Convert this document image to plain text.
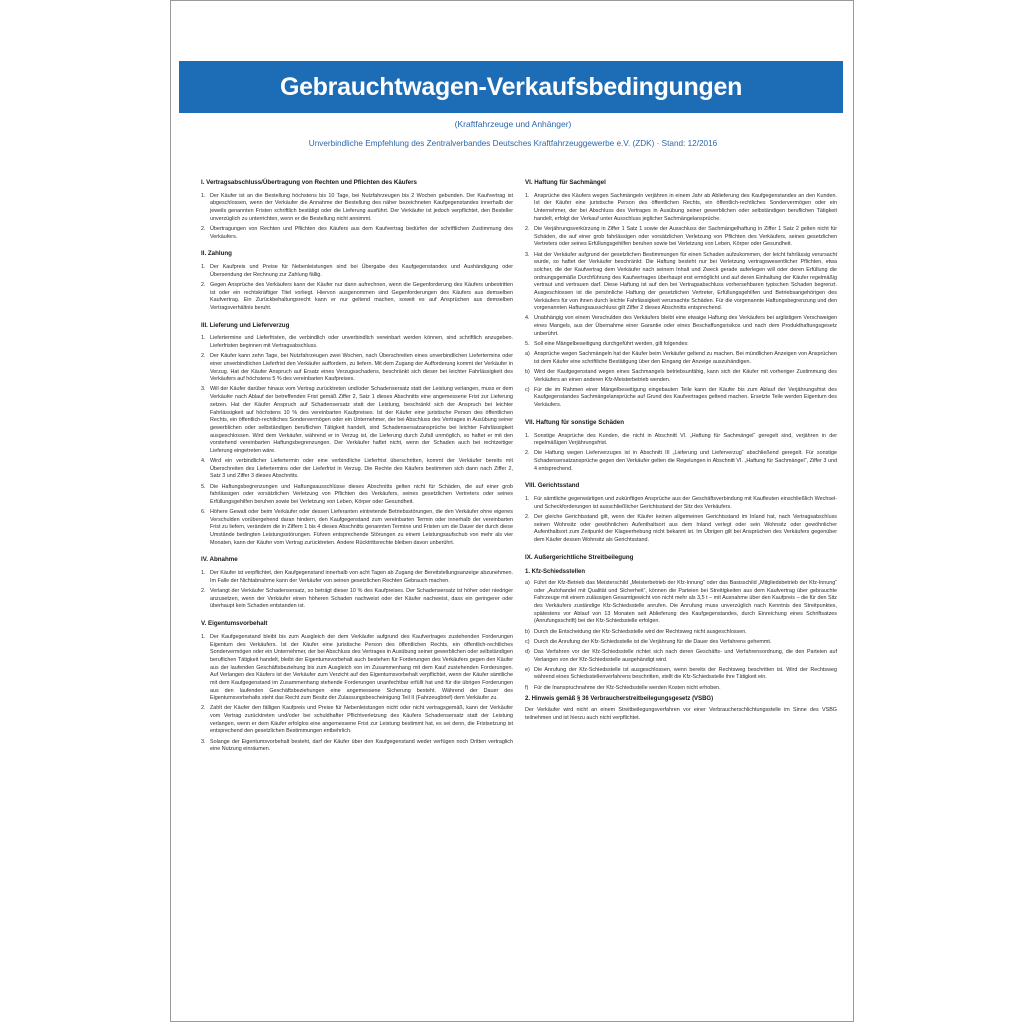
Gebrauchtwagen-Verkaufsbedingungen
(Kraftfahrzeuge und Anhänger)
Unverbindliche Empfehlung des Zentralverbandes Deutsches Kraftfahrzeuggewerbe e.V. (ZDK) · Stand: 12/2016
I. Vertragsabschluss/Übertragung von Rechten und Pflichten des Käufers
1. Der Käufer ist an die Bestellung höchstens bis 10 Tage, bei Nutzfahrzeugen bis 2 Wochen gebunden. Der Kaufvertrag ist abgeschlossen, wenn der Verkäufer die Annahme der Bestellung des näher bezeichneten Kaufgegenstandes innerhalb der jeweils genannten Fristen schriftlich bestätigt oder die Lieferung ausführt. Der Verkäufer ist jedoch verpflichtet, den Besteller unverzüglich zu unterrichten, wenn er die Bestellung nicht annimmt.
2. Übertragungen von Rechten und Pflichten des Käufers aus dem Kaufvertrag bedürfen der schriftlichen Zustimmung des Verkäufers.
II. Zahlung
1. Der Kaufpreis und Preise für Nebenleistungen sind bei Übergabe des Kaufgegenstandes und Aushändigung oder Übersendung der Rechnung zur Zahlung fällig.
2. Gegen Ansprüche des Verkäufers kann der Käufer nur dann aufrechnen, wenn die Gegenforderung des Käufers unbestritten ist oder ein rechtskräftiger Titel vorliegt. Hiervon ausgenommen sind Gegenforderungen des Käufers aus demselben Kaufvertrag. Ein Zurückbehaltungsrecht kann er nur geltend machen, soweit es auf Ansprüchen aus demselben Vertragsverhältnis beruht.
III. Lieferung und Lieferverzug
1. Liefertermine und Lieferfristen, die verbindlich oder unverbindlich vereinbart werden können, sind schriftlich anzugeben. Lieferfristen beginnen mit Vertragsabschluss.
2. Der Käufer kann zehn Tage, bei Nutzfahrzeugen zwei Wochen, nach Überschreiten eines unverbindlichen Liefertermins oder einer unverbindlichen Lieferfrist den Verkäufer auffordern, zu liefern. Mit dem Zugang der Aufforderung kommt der Verkäufer in Verzug. Hat der Käufer Anspruch auf Ersatz eines Verzugsschadens, beschränkt sich dieser bei leichter Fahrlässigkeit des Verkäufers auf höchstens 5 % des vereinbarten Kaufpreises.
3. Will der Käufer darüber hinaus vom Vertrag zurücktreten und/oder Schadensersatz statt der Leistung verlangen, muss er dem Verkäufer nach Ablauf der betreffenden Frist gemäß Ziffer 2, Satz 1 dieses Abschnitts eine angemessene Frist zur Lieferung setzen. Hat der Käufer Anspruch auf Schadensersatz statt der Leistung, beschränkt sich der Anspruch bei leichter Fahrlässigkeit auf höchstens 10 % des vereinbarten Kaufpreises. Ist der Käufer eine juristische Person des öffentlichen Rechts, ein öffentlich-rechtliches Sondervermögen oder ein Unternehmer, der bei Abschluss des Vertrages in Ausübung seiner gewerblichen oder selbständigen beruflichen Tätigkeit handelt, sind Schadensersatzansprüche bei leichter Fahrlässigkeit ausgeschlossen. Wird dem Verkäufer, während er in Verzug ist, die Lieferung durch Zufall unmöglich, so haftet er mit den vorstehend vereinbarten Haftungsbegrenzungen. Der Verkäufer haftet nicht, wenn der Schaden auch bei rechtzeitiger Lieferung eingetreten wäre.
4. Wird ein verbindlicher Liefertermin oder eine verbindliche Lieferfrist überschritten, kommt der Verkäufer bereits mit Überschreiten des Liefertermins oder der Lieferfrist in Verzug. Die Rechte des Käufers bestimmen sich dann nach Ziffer 2, Satz 3 und Ziffer 3 dieses Abschnitts.
5. Die Haftungsbegrenzungen und Haftungsausschlüsse dieses Abschnitts gelten nicht für Schäden, die auf einer grob fahrlässigen oder vorsätzlichen Verletzung von Pflichten des Verkäufers, seines gesetzlichen Vertreters oder seines Erfüllungsgehilfen beruhen sowie bei Verletzung von Leben, Körper oder Gesundheit.
6. Höhere Gewalt oder beim Verkäufer oder dessen Lieferanten eintretende Betriebsstörungen, die den Verkäufer ohne eigenes Verschulden vorübergehend daran hindern, den Kaufgegenstand zum vereinbarten Termin oder innerhalb der vereinbarten Frist zu liefern, verändern die in Ziffern 1 bis 4 dieses Abschnitts genannten Termine und Fristen um die Dauer der durch diese Umstände bedingten Leistungsstörungen. Führen entsprechende Störungen zu einem Leistungsaufschub von mehr als vier Monaten, kann der Käufer vom Vertrag zurücktreten. Andere Rücktrittsrechte bleiben davon unberührt.
IV. Abnahme
1. Der Käufer ist verpflichtet, den Kaufgegenstand innerhalb von acht Tagen ab Zugang der Bereitstellungsanzeige abzunehmen. Im Falle der Nichtabnahme kann der Verkäufer von seinen gesetzlichen Rechten Gebrauch machen.
2. Verlangt der Verkäufer Schadensersatz, so beträgt dieser 10 % des Kaufpreises. Der Schadensersatz ist höher oder niedriger anzusetzen, wenn der Verkäufer einen höheren Schaden nachweist oder der Käufer nachweist, dass ein geringerer oder überhaupt kein Schaden entstanden ist.
V. Eigentumsvorbehalt
1. Der Kaufgegenstand bleibt bis zum Ausgleich der dem Verkäufer aufgrund des Kaufvertrages zustehenden Forderungen Eigentum des Verkäufers. Ist der Käufer eine juristische Person des öffentlichen Rechts, ein öffentlich-rechtliches Sondervermögen oder ein Unternehmer, der bei Abschluss des Vertrages in Ausübung seiner gewerblichen oder selbständigen beruflichen Tätigkeit handelt, bleibt der Eigentumsvorbehalt auch bestehen für Forderungen des Verkäufers gegen den Käufer aus der laufenden Geschäftsbeziehung bis zum Ausgleich von im Zusammenhang mit dem Kauf zustehenden Forderungen. Auf Verlangen des Käufers ist der Verkäufer zum Verzicht auf den Eigentumsvorbehalt verpflichtet, wenn der Käufer sämtliche mit dem Kaufgegenstand im Zusammenhang stehende Forderungen unanfechtbar erfüllt hat und für die übrigen Forderungen aus den laufenden Geschäftsbeziehungen eine angemessene Sicherung besteht. Während der Dauer des Eigentumsvorbehalts steht das Recht zum Besitz der Zulassungsbescheinigung Teil II (Fahrzeugbrief) dem Verkäufer zu.
2. Zahlt der Käufer den fälligen Kaufpreis und Preise für Nebenleistungen nicht oder nicht vertragsgemäß, kann der Verkäufer vom Vertrag zurücktreten und/oder bei schuldhafter Pflichtverletzung des Käufers Schadensersatz statt der Leistung verlangen, wenn er dem Käufer erfolglos eine angemessene Frist zur Leistung bestimmt hat, es sei denn, die Fristsetzung ist entsprechend den gesetzlichen Bestimmungen entbehrlich.
3. Solange der Eigentumsvorbehalt besteht, darf der Käufer über den Kaufgegenstand weder verfügen noch Dritten vertraglich eine Nutzung einräumen.
VI. Haftung für Sachmängel
1. Ansprüche des Käufers wegen Sachmängeln verjähren in einem Jahr ab Ablieferung des Kaufgegenstandes an den Kunden. Ist der Käufer eine juristische Person des öffentlichen Rechts, ein öffentlich-rechtliches Sondervermögen oder ein Unternehmer, der bei Abschluss des Vertrages in Ausübung seiner gewerblichen oder selbständigen beruflichen Tätigkeit handelt, erfolgt der Verkauf unter Ausschluss jeglicher Sachmängelansprüche.
2. Die Verjährungsverkürzung in Ziffer 1 Satz 1 sowie der Ausschluss der Sachmängelhaftung in Ziffer 1 Satz 2 gelten nicht für Schäden, die auf einer grob fahrlässigen oder vorsätzlichen Verletzung von Pflichten des Verkäufers, seines gesetzlichen Vertreters oder seines Erfüllungsgehilfen beruhen sowie bei Verletzung von Leben, Körper oder Gesundheit.
3. Hat der Verkäufer aufgrund der gesetzlichen Bestimmungen für einen Schaden aufzukommen, der leicht fahrlässig verursacht wurde, so haftet der Verkäufer beschränkt: Die Haftung besteht nur bei Verletzung vertragswesentlicher Pflichten, etwa solcher, die der Kaufvertrag dem Verkäufer nach seinem Inhalt und Zweck gerade auferlegen will oder deren Erfüllung die ordnungsgemäße Durchführung des Kaufvertrages überhaupt erst ermöglicht und auf deren Einhaltung der Käufer regelmäßig vertraut und vertrauen darf. Diese Haftung ist auf den bei Vertragsabschluss vorhersehbaren typischen Schaden begrenzt. Ausgeschlossen ist die persönliche Haftung der gesetzlichen Vertreter, Erfüllungsgehilfen und Betriebsangehörigen des Verkäufers für von ihnen durch leichte Fahrlässigkeit verursachte Schäden. Für die vorgenannte Haftungsbegrenzung und den vorgenannten Haftungsausschluss gilt Ziffer 2 dieses Abschnitts entsprechend.
4. Unabhängig von einem Verschulden des Verkäufers bleibt eine etwaige Haftung des Verkäufers bei arglistigem Verschweigen eines Mangels, aus der Übernahme einer Garantie oder eines Beschaffungsrisikos und nach dem Produkthaftungsgesetz unberührt.
5. Soll eine Mängelbeseitigung durchgeführt werden, gilt folgendes:
a) Ansprüche wegen Sachmängeln hat der Käufer beim Verkäufer geltend zu machen. Bei mündlichen Anzeigen von Ansprüchen ist dem Käufer eine schriftliche Bestätigung über den Eingang der Anzeige auszuhändigen.
b) Wird der Kaufgegenstand wegen eines Sachmangels betriebsunfähig, kann sich der Käufer mit vorheriger Zustimmung des Verkäufers an einen anderen Kfz-Meisterbetrieb wenden.
c) Für die im Rahmen einer Mängelbeseitigung eingebauten Teile kann der Käufer bis zum Ablauf der Verjährungsfrist des Kaufgegenstandes Sachmängelansprüche auf Grund des Kaufvertrages geltend machen. Ersetzte Teile werden Eigentum des Verkäufers.
VII. Haftung für sonstige Schäden
1. Sonstige Ansprüche des Kunden, die nicht in Abschnitt VI. „Haftung für Sachmängel“ geregelt sind, verjähren in der regelmäßigen Verjährungsfrist.
2. Die Haftung wegen Lieferverzuges ist in Abschnitt III „Lieferung und Lieferverzug“ abschließend geregelt. Für sonstige Schadensersatzansprüche gegen den Verkäufer gelten die Regelungen in Abschnitt VI. „Haftung für Sachmängel“, Ziffer 3 und 4 entsprechend.
VIII. Gerichtsstand
1. Für sämtliche gegenwärtigen und zukünftigen Ansprüche aus der Geschäftsverbindung mit Kaufleuten einschließlich Wechsel- und Scheckforderungen ist ausschließlicher Gerichtsstand der Sitz des Verkäufers.
2. Der gleiche Gerichtsstand gilt, wenn der Käufer keinen allgemeinen Gerichtsstand im Inland hat, nach Vertragsabschluss seinen Wohnsitz oder gewöhnlichen Aufenthaltsort aus dem Inland verlegt oder sein Wohnsitz oder gewöhnlicher Aufenthaltsort zum Zeitpunkt der Klageerhebung nicht bekannt ist. Im Übrigen gilt bei Ansprüchen des Verkäufers gegenüber dem Käufer dessen Wohnsitz als Gerichtsstand.
IX. Außergerichtliche Streitbeilegung
1. Kfz-Schiedsstellen
a) Führt der Kfz-Betrieb das Meisterschild „Meisterbetrieb der Kfz-Innung“ oder das Basisschild „Mitgliedsbetrieb der Kfz-Innung“ oder „Autohandel mit Qualität und Sicherheit“, können die Parteien bei Streitigkeiten aus dem Kaufvertrag über gebrauchte Fahrzeuge mit einem zulässigen Gesamtgewicht von nicht mehr als 3,5 t – mit Ausnahme über den Kaufpreis – die für den Sitz des Verkäufers zuständige Kfz-Schiedsstelle anrufen. Die Anrufung muss unverzüglich nach Kenntnis des Streitpunktes, spätestens vor Ablauf von 13 Monaten seit Ablieferung des Kaufgegenstandes, durch Einreichung eines Schriftsatzes (Anrufungsschrift) bei der Kfz-Schiedsstelle erfolgen.
b) Durch die Entscheidung der Kfz-Schiedsstelle wird der Rechtsweg nicht ausgeschlossen.
c) Durch die Anrufung der Kfz-Schiedsstelle ist die Verjährung für die Dauer des Verfahrens gehemmt.
d) Das Verfahren vor der Kfz-Schiedsstelle richtet sich nach deren Geschäfts- und Verfahrensordnung, die den Parteien auf Verlangen von der Kfz-Schiedsstelle ausgehändigt wird.
e) Die Anrufung der Kfz-Schiedsstelle ist ausgeschlossen, wenn bereits der Rechtsweg beschritten ist. Wird der Rechtsweg während eines Schiedsstellenverfahrens beschritten, stellt die Kfz-Schiedsstelle ihre Tätigkeit ein.
f)	Für die Inanspruchnahme der Kfz-Schiedsstelle werden Kosten nicht erhoben.
2. Hinweis gemäß § 36 Verbraucherstreitbeilegungsgesetz (VSBG)
Der Verkäufer wird nicht an einem Streitbeilegungsverfahren vor einer Verbraucherschlichtungsstelle im Sinne des VSBG teilnehmen und ist hierzu auch nicht verpflichtet.
